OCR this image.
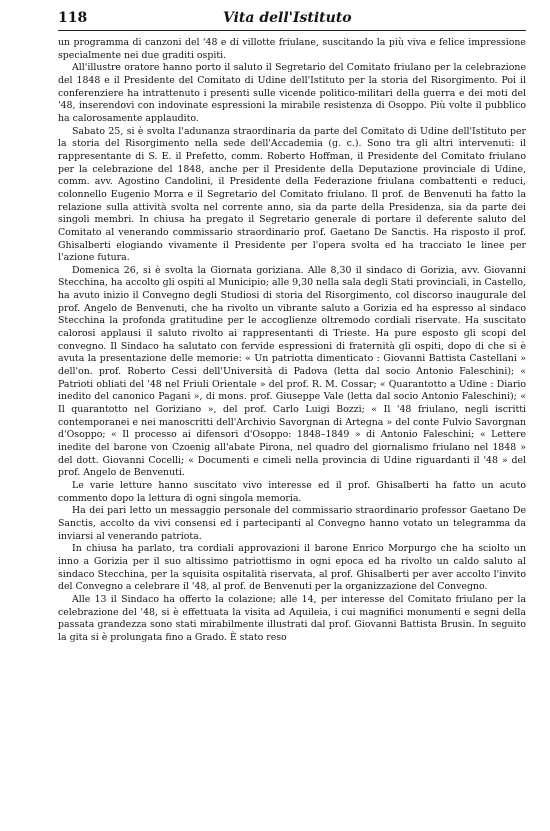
118	Vita dell'Istituto

un programma di canzoni del '48 e di villotte friulane, suscitando la più viva e felice impressione specialmente nei due graditi ospiti.

All'illustre oratore hanno porto il saluto il Segretario del Comitato friulano per la celebrazione del 1848 e il Presidente del Comitato di Udine dell'Istituto per la storia del Risorgimento. Poi il conferenziere ha intrattenuto i presenti sulle vicende politico-militari della guerra e dei moti del '48, inserendovi con indovinate espressioni la mirabile resistenza di Osoppo. Più volte il pubblico ha calorosamente applaudito.

Sabato 25, si è svolta l'adunanza straordinaria da parte del Comitato di Udine dell'Istituto per la storia del Risorgimento nella sede dell'Accademia (g. c.). Sono tra gli altri intervenuti: il rappresentante di S. E. il Prefetto, comm. Roberto Hoffman, il Presidente del Comitato friulano per la celebrazione del 1848, anche per il Presidente della Deputazione provinciale di Udine, comm. avv. Agostino Candolini, il Presidente della Federazione friulana combattenti e reduci, colonnello Eugenio Morra e il Segretario del Comitato friulano. Il prof. de Benvenuti ha fatto la relazione sulla attività svolta nel corrente anno, sia da parte della Presidenza, sia da parte dei singoli membri. In chiusa ha pregato il Segretario generale di portare il deferente saluto del Comitato al venerando commissario straordinario prof. Gaetano De Sanctis. Ha risposto il prof. Ghisalberti elogiando vivamente il Presidente per l'opera svolta ed ha tracciato le linee per l'azione futura.

Domenica 26, si è svolta la Giornata goriziana. Alle 8,30 il sindaco di Gorizia, avv. Giovanni Stecchina, ha accolto gli ospiti al Municipio; alle 9,30 nella sala degli Stati provinciali, in Castello, ha avuto inizio il Convegno degli Studiosi di storia del Risorgimento, col discorso inaugurale del prof. Angelo de Benvenuti, che ha rivolto un vibrante saluto a Gorizia ed ha espresso al sindaco Stecchina la profonda gratitudine per le accoglienze oltremodo cordiali riservate. Ha suscitato calorosi applausi il saluto rivolto ai rappresentanti di Trieste. Ha pure esposto gli scopi del convegno. Il Sindaco ha salutato con fervide espressioni di fraternità gli ospiti, dopo di che si è avuta la presentazione delle memorie: « Un patriotta dimenticato : Giovanni Battista Castellani » dell'on. prof. Roberto Cessi dell'Università di Padova (letta dal socio Antonio Faleschini); « Patrioti obliati del '48 nel Friuli Orientale » del prof. R. M. Cossar; « Quarantotto a Udine : Diario inedito del canonico Pagani », di mons. prof. Giuseppe Vale (letta dal socio Antonio Faleschini); « Il quarantotto nel Goriziano », del prof. Carlo Luigi Bozzi; « Il '48 friulano, negli iscritti contemporanei e nei manoscritti dell'Archivio Savorgnan di Artegna » del conte Fulvio Savorgnan d'Osoppo; « Il processo ai difensori d'Osoppo: 1848–1849 » di Antonio Faleschini; « Lettere inedite del barone von Czoenig all'abate Pirona, nel quadro del giornalismo friulano nel 1848 » del dott. Giovanni Cocelli; « Documenti e cimeli nella provincia di Udine riguardanti il '48 » del prof. Angelo de Benvenuti.

Le varie letture hanno suscitato vivo interesse ed il prof. Ghisalberti ha fatto un acuto commento dopo la lettura di ogni singola memoria.

Ha dei pari letto un messaggio personale del commissario straordinario professor Gaetano De Sanctis, accolto da vivi consensi ed i partecipanti al Convegno hanno votato un telegramma da inviarsi al venerando patriota.

In chiusa ha parlato, tra cordiali approvazioni il barone Enrico Morpurgo che ha sciolto un inno a Gorizia per il suo altissimo patriottismo in ogni epoca ed ha rivolto un caldo saluto al sindaco Stecchina, per la squisita ospitalità riservata, al prof. Ghisalberti per aver accolto l'invito del Convegno a celebrare il '48, al prof. de Benvenuti per la organizzazione del Convegno.

Alle 13 il Sindaco ha offerto la colazione; alle 14, per interesse del Comitato friulano per la celebrazione del '48, si è effettuata la visita ad Aquileia, i cui magnifici monumenti e segni della passata grandezza sono stati mirabilmente illustrati dal prof. Giovanni Battista Brusin. In seguito la gita si è prolungata fino a Grado. È stato reso
